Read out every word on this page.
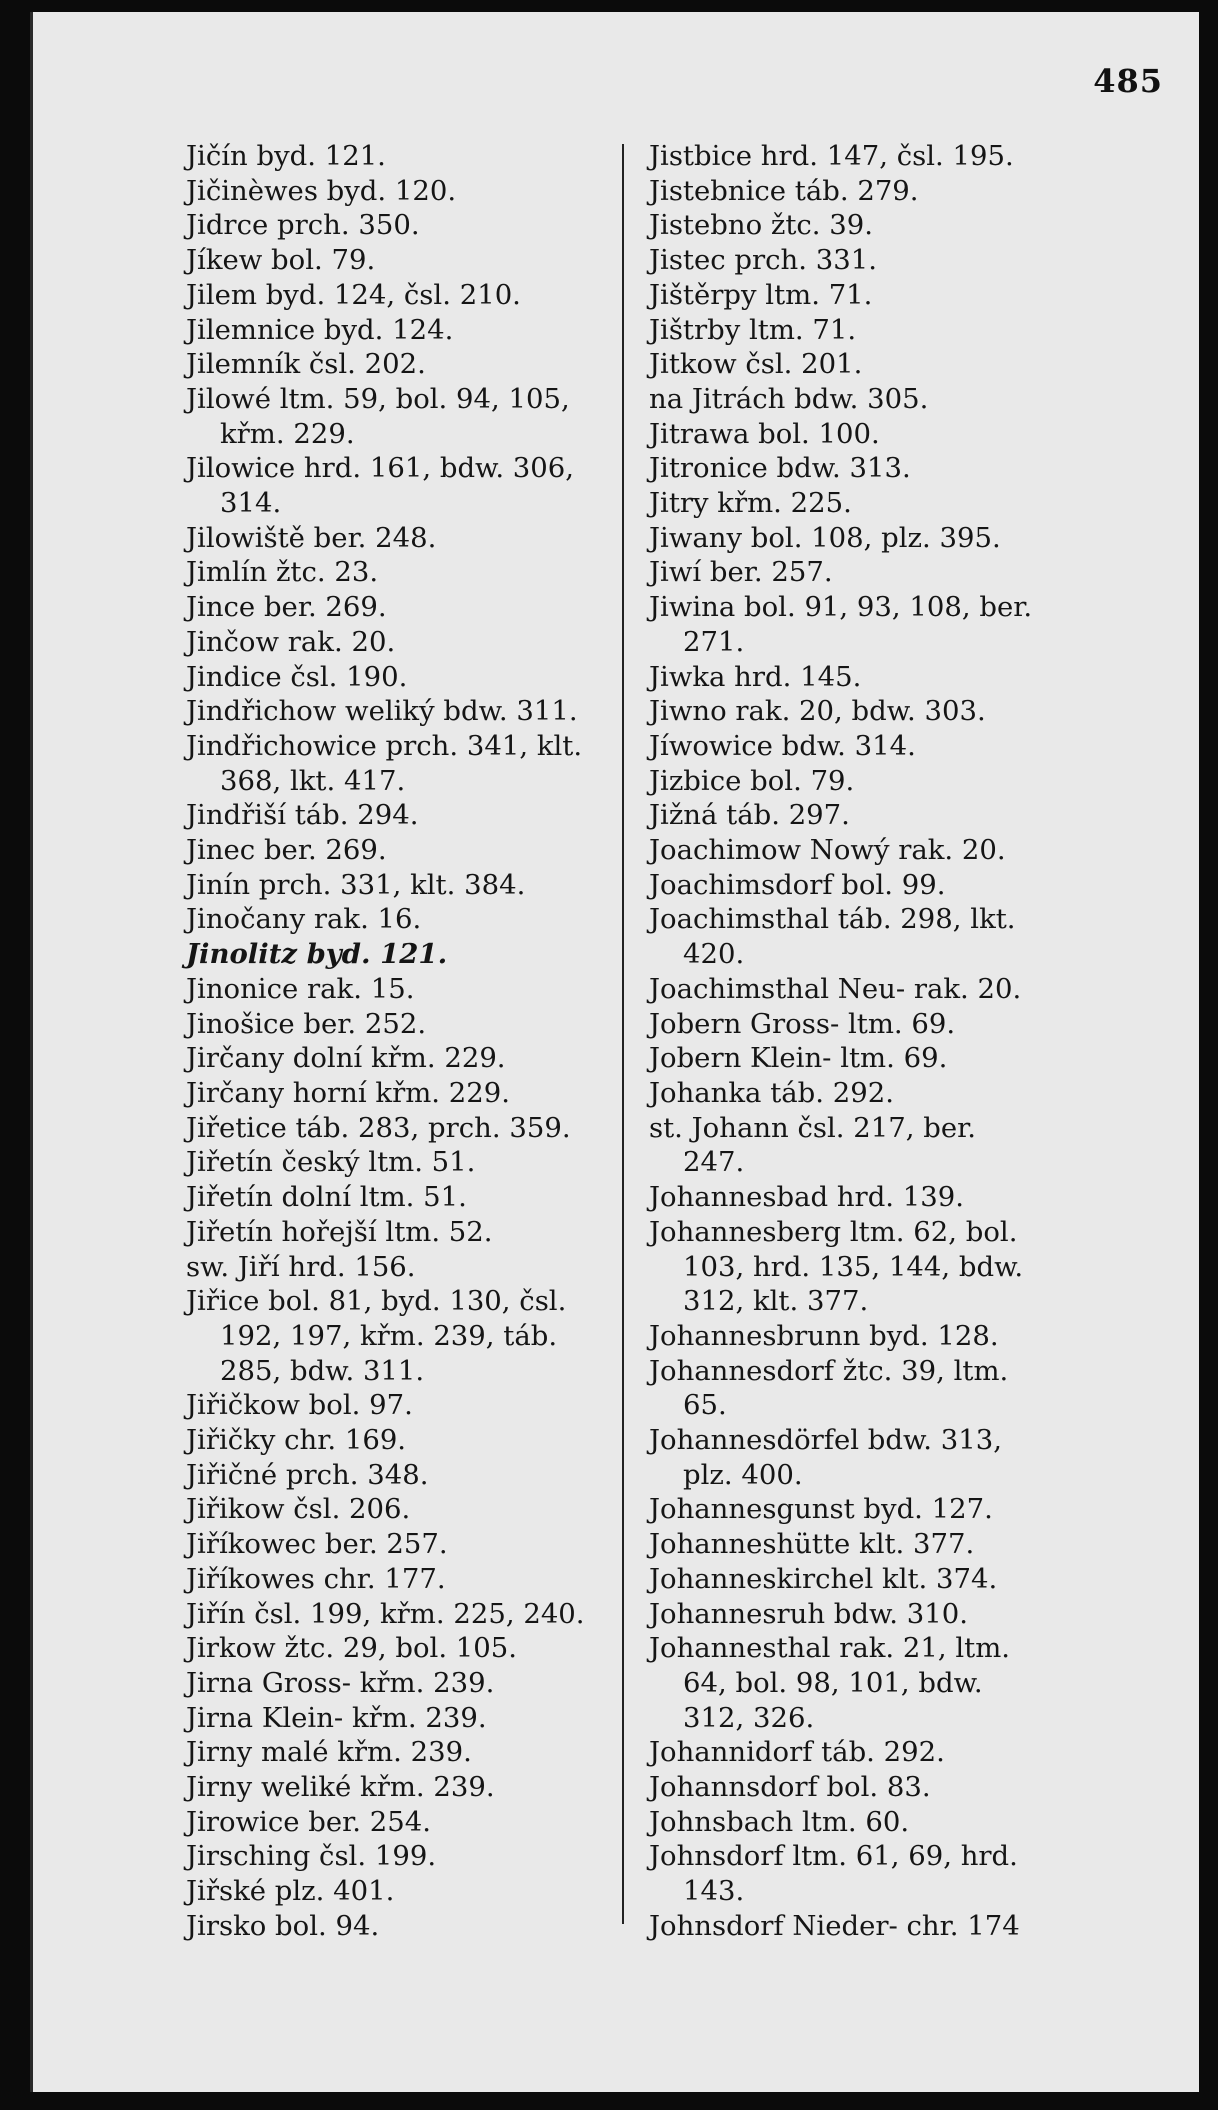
485
Jičín byd. 121.
Jičinèwes byd. 120.
Jidrce prch. 350.
Jíkew bol. 79.
Jilem byd. 124, čsl. 210.
Jilemnice byd. 124.
Jilemník čsl. 202.
Jilowé ltm. 59, bol. 94, 105,
křm. 229.
Jilowice hrd. 161, bdw. 306,
314.
Jilowiště ber. 248.
Jimlín žtc. 23.
Jince ber. 269.
Jinčow rak. 20.
Jindice čsl. 190.
Jindřichow weliký bdw. 311.
Jindřichowice prch. 341, klt.
368, lkt. 417.
Jindřiší táb. 294.
Jinec ber. 269.
Jinín prch. 331, klt. 384.
Jinočany rak. 16.
Jinolitz byd. 121.
Jinonice rak. 15.
Jinošice ber. 252.
Jirčany dolní křm. 229.
Jirčany horní křm. 229.
Jiřetice táb. 283, prch. 359.
Jiřetín český ltm. 51.
Jiřetín dolní ltm. 51.
Jiřetín hořejší ltm. 52.
sw. Jiří hrd. 156.
Jiřice bol. 81, byd. 130, čsl.
192, 197, křm. 239, táb.
285, bdw. 311.
Jiřičkow bol. 97.
Jiřičky chr. 169.
Jiřičné prch. 348.
Jiřikow čsl. 206.
Jiříkowec ber. 257.
Jiříkowes chr. 177.
Jiřín čsl. 199, křm. 225, 240.
Jirkow žtc. 29, bol. 105.
Jirna Gross- křm. 239.
Jirna Klein- křm. 239.
Jirny malé křm. 239.
Jirny weliké křm. 239.
Jirowice ber. 254.
Jirsching čsl. 199.
Jiřské plz. 401.
Jirsko bol. 94.
Jistbice hrd. 147, čsl. 195.
Jistebnice táb. 279.
Jistebno žtc. 39.
Jistec prch. 331.
Jištěrpy ltm. 71.
Jištrby ltm. 71.
Jitkow čsl. 201.
na Jitrách bdw. 305.
Jitrawa bol. 100.
Jitronice bdw. 313.
Jitry křm. 225.
Jiwany bol. 108, plz. 395.
Jiwí ber. 257.
Jiwina bol. 91, 93, 108, ber.
271.
Jiwka hrd. 145.
Jiwno rak. 20, bdw. 303.
Jíwowice bdw. 314.
Jizbice bol. 79.
Jižná táb. 297.
Joachimow Nowý rak. 20.
Joachimsdorf bol. 99.
Joachimsthal táb. 298, lkt.
420.
Joachimsthal Neu- rak. 20.
Jobern Gross- ltm. 69.
Jobern Klein- ltm. 69.
Johanka táb. 292.
st. Johann čsl. 217, ber.
247.
Johannesbad hrd. 139.
Johannesberg ltm. 62, bol.
103, hrd. 135, 144, bdw.
312, klt. 377.
Johannesbrunn byd. 128.
Johannesdorf žtc. 39, ltm.
65.
Johannesdörfel bdw. 313,
plz. 400.
Johannesgunst byd. 127.
Johanneshütte klt. 377.
Johanneskirchel klt. 374.
Johannesruh bdw. 310.
Johannesthal rak. 21, ltm.
64, bol. 98, 101, bdw.
312, 326.
Johannidorf táb. 292.
Johannsdorf bol. 83.
Johnsbach ltm. 60.
Johnsdorf ltm. 61, 69, hrd.
143.
Johnsdorf Nieder- chr. 174
